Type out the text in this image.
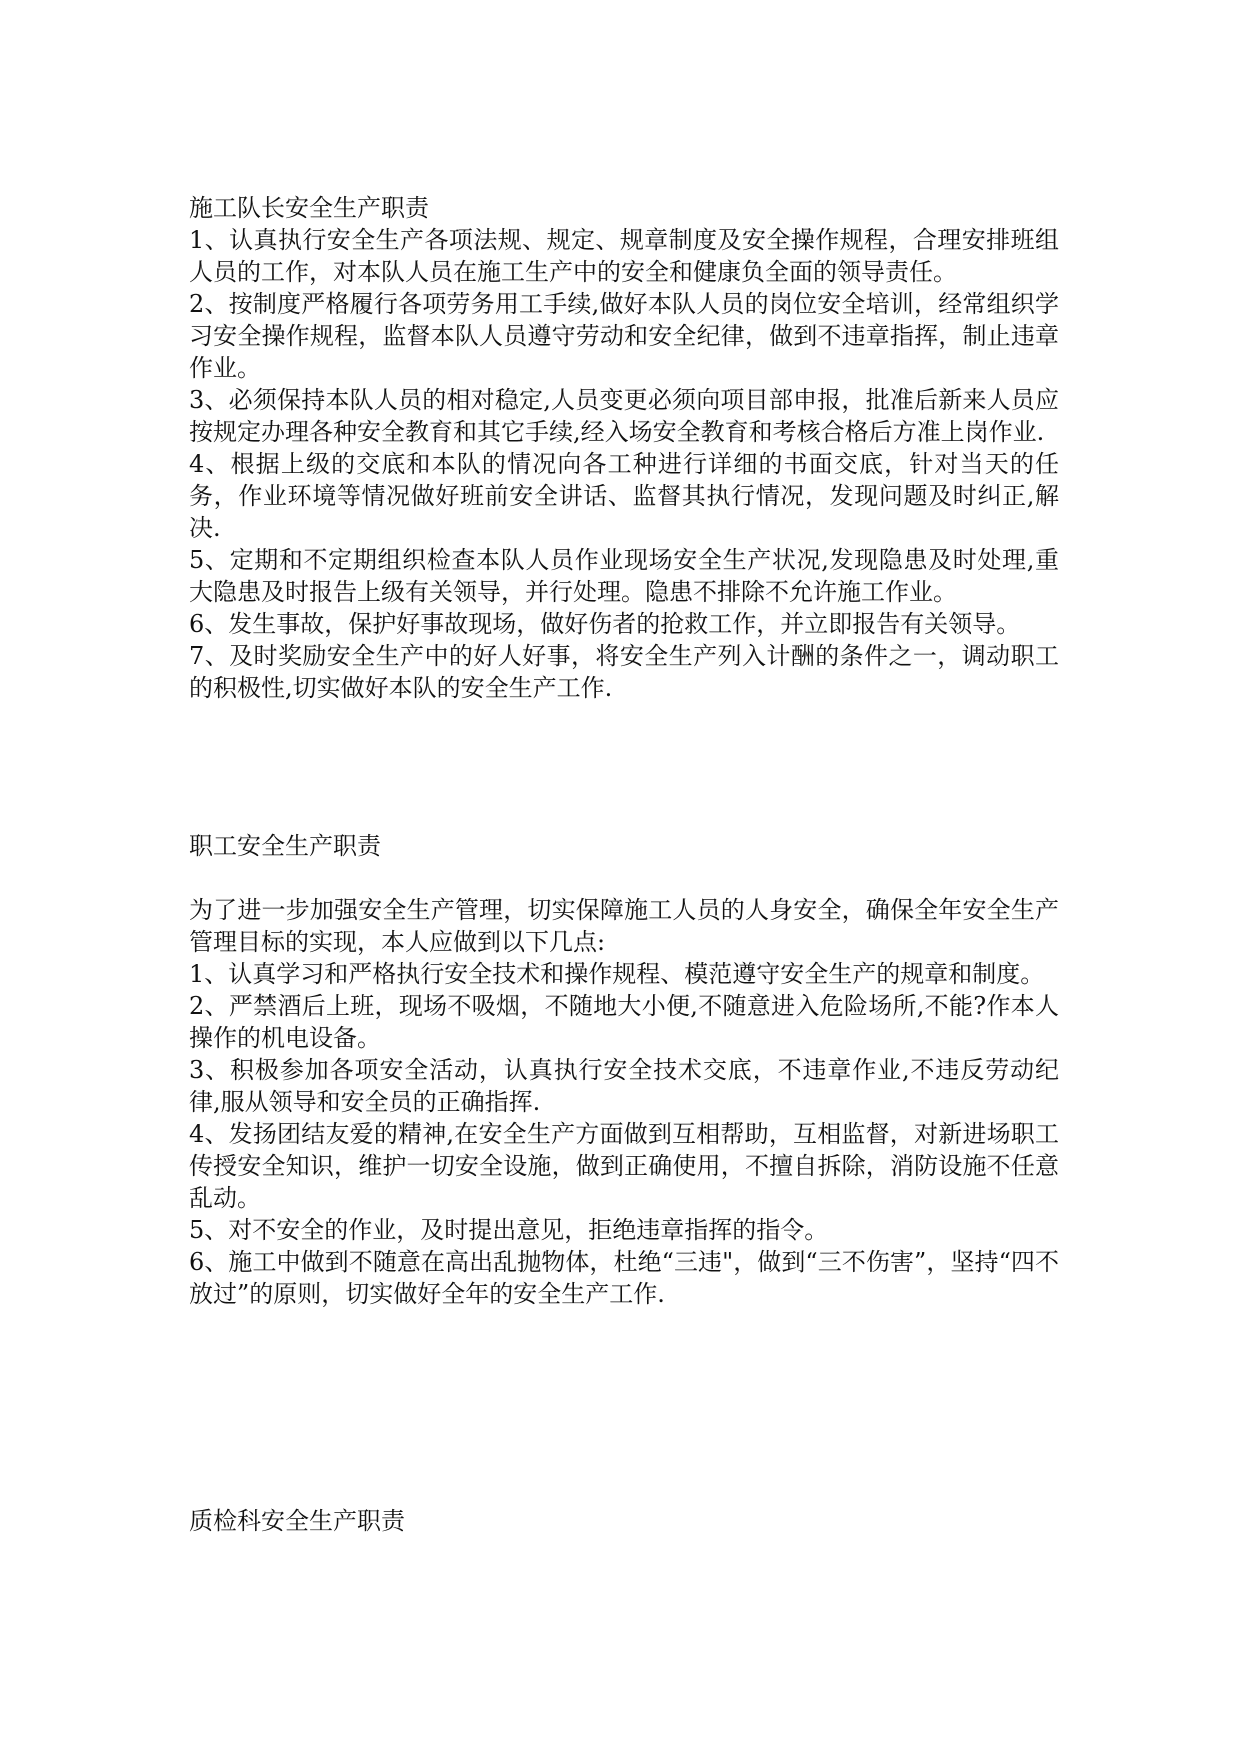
施工队长安全生产职责

1、认真执行安全生产各项法规、规定、规章制度及安全操作规程，合理安排班组人员的工作，对本队人员在施工生产中的安全和健康负全面的领导责任。

2、按制度严格履行各项劳务用工手续,做好本队人员的岗位安全培训，经常组织学习安全操作规程，监督本队人员遵守劳动和安全纪律，做到不违章指挥，制止违章作业。

3、必须保持本队人员的相对稳定,人员变更必须向项目部申报，批准后新来人员应按规定办理各种安全教育和其它手续,经入场安全教育和考核合格后方准上岗作业.

4、根据上级的交底和本队的情况向各工种进行详细的书面交底，针对当天的任务，作业环境等情况做好班前安全讲话、监督其执行情况，发现问题及时纠正,解决.

5、定期和不定期组织检查本队人员作业现场安全生产状况,发现隐患及时处理,重大隐患及时报告上级有关领导，并行处理。隐患不排除不允许施工作业。

6、发生事故，保护好事故现场，做好伤者的抢救工作，并立即报告有关领导。

7、及时奖励安全生产中的好人好事，将安全生产列入计酬的条件之一，调动职工的积极性,切实做好本队的安全生产工作.

职工安全生产职责

为了进一步加强安全生产管理，切实保障施工人员的人身安全，确保全年安全生产管理目标的实现，本人应做到以下几点:

1、认真学习和严格执行安全技术和操作规程、模范遵守安全生产的规章和制度。

2、严禁酒后上班，现场不吸烟，不随地大小便,不随意进入危险场所,不能?作本人操作的机电设备。

3、积极参加各项安全活动，认真执行安全技术交底，不违章作业,不违反劳动纪律,服从领导和安全员的正确指挥.

4、发扬团结友爱的精神,在安全生产方面做到互相帮助，互相监督，对新进场职工传授安全知识，维护一切安全设施，做到正确使用，不擅自拆除，消防设施不任意乱动。

5、对不安全的作业，及时提出意见，拒绝违章指挥的指令。

6、施工中做到不随意在高出乱抛物体，杜绝“三违"，做到“三不伤害”，坚持“四不放过”的原则，切实做好全年的安全生产工作.

质检科安全生产职责
